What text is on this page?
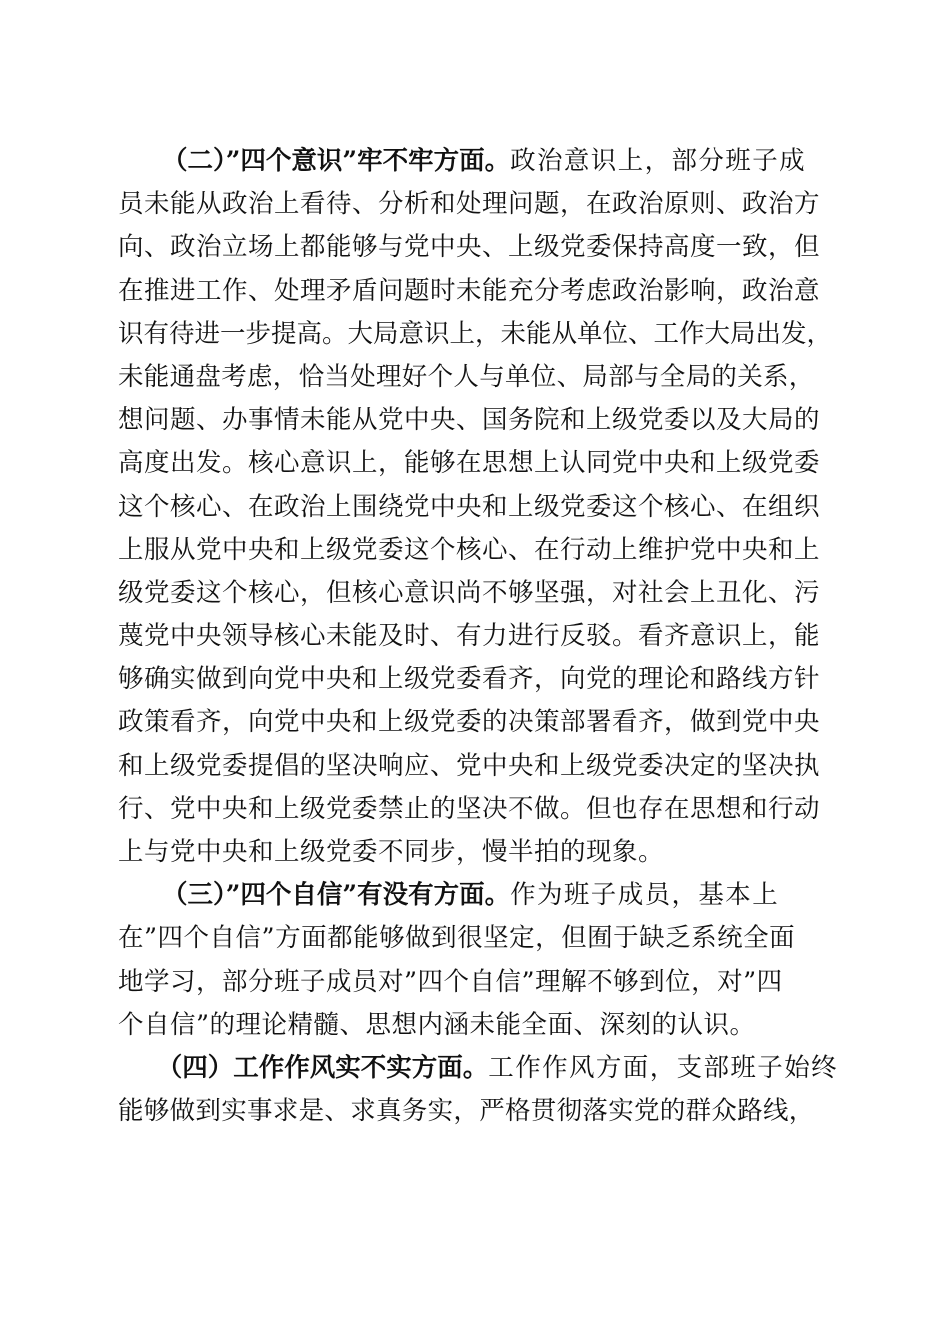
（二）”四个意识”牢不牢方面。 政治意识上，部分班子成
员未能从政治上看待、分析和处理问题，在政治原则、政治方
向、政治立场上都能够与党中央、上级党委保持高度一致，但
在推进工作、处理矛盾问题时未能充分考虑政治影响，政治意
识有待进一步提高。大局意识上，未能从单位、工作大局出发，
未能通盘考虑，恰当处理好个人与单位、局部与全局的关系，
想问题、办事情未能从党中央、国务院和上级党委以及大局的
高度出发。核心意识上，能够在思想上认同党中央和上级党委
这个核心、在政治上围绕党中央和上级党委这个核心、在组织
上服从党中央和上级党委这个核心、在行动上维护党中央和上
级党委这个核心，但核心意识尚不够坚强，对社会上丑化、污
蔑党中央领导核心未能及时、有力进行反驳。看齐意识上，能
够确实做到向党中央和上级党委看齐，向党的理论和路线方针
政策看齐，向党中央和上级党委的决策部署看齐，做到党中央
和上级党委提倡的坚决响应、党中央和上级党委决定的坚决执
行、党中央和上级党委禁止的坚决不做。但也存在思想和行动
上与党中央和上级党委不同步，慢半拍的现象。
（三）”四个自信”有没有方面。 作为班子成员，基本上
在”四个自信”方面都能够做到很坚定，但囿于缺乏系统全面
地学习，部分班子成员对”四个自信”理解不够到位，对”四
个自信”的理论精髓、思想内涵未能全面、深刻的认识。
（四）工作作风实不实方面。 工作作风方面，支部班子始终
能够做到实事求是、求真务实，严格贯彻落实党的群众路线，
